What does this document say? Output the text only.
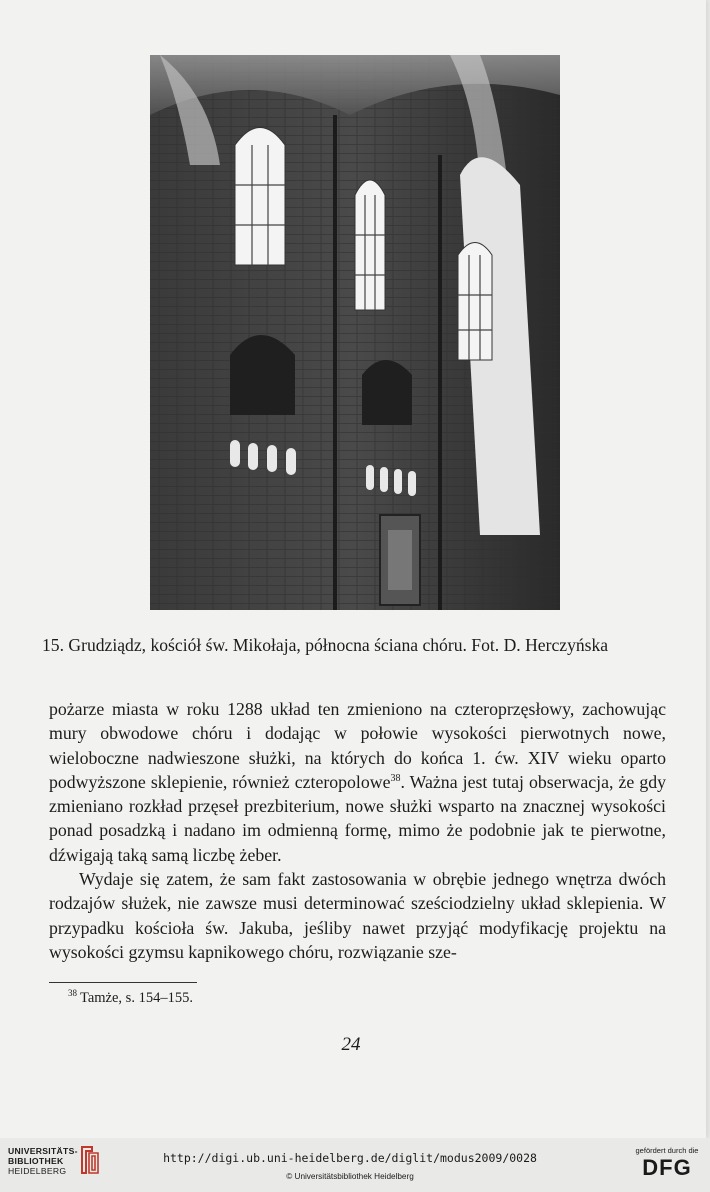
15. Grudziądz, kościół św. Mikołaja, północna ściana chóru. Fot. D. Herczyńska

pożarze miasta w roku 1288 układ ten zmieniono na czteroprzęsłowy, zachowując mury obwodowe chóru i dodając w połowie wysokości pierwotnych nowe, wieloboczne nadwieszone służki, na których do końca 1. ćw. XIV wieku oparto podwyższone sklepienie, również czteropolowe$^{38}$. Ważna jest tutaj obserwacja, że gdy zmieniano rozkład przęseł prezbiterium, nowe służki wsparto na znacznej wysokości ponad posadzką i nadano im odmienną formę, mimo że podobnie jak te pierwotne, dźwigają taką samą liczbę żeber.

Wydaje się zatem, że sam fakt zastosowania w obrębie jednego wnętrza dwóch rodzajów służek, nie zawsze musi determinować sześciodzielny układ sklepienia. W przypadku kościoła św. Jakuba, jeśliby nawet przyjąć modyfikację projektu na wysokości gzymsu kapnikowego chóru, rozwiązanie sze-

$^{38}$ Tamże, s. 154–155.
24
UNIVERSITÄTS-
BIBLIOTHEK
HEIDELBERG
http://digi.ub.uni-heidelberg.de/diglit/modus2009/0028
© Universitätsbibliothek Heidelberg
gefördert durch die
DFG
